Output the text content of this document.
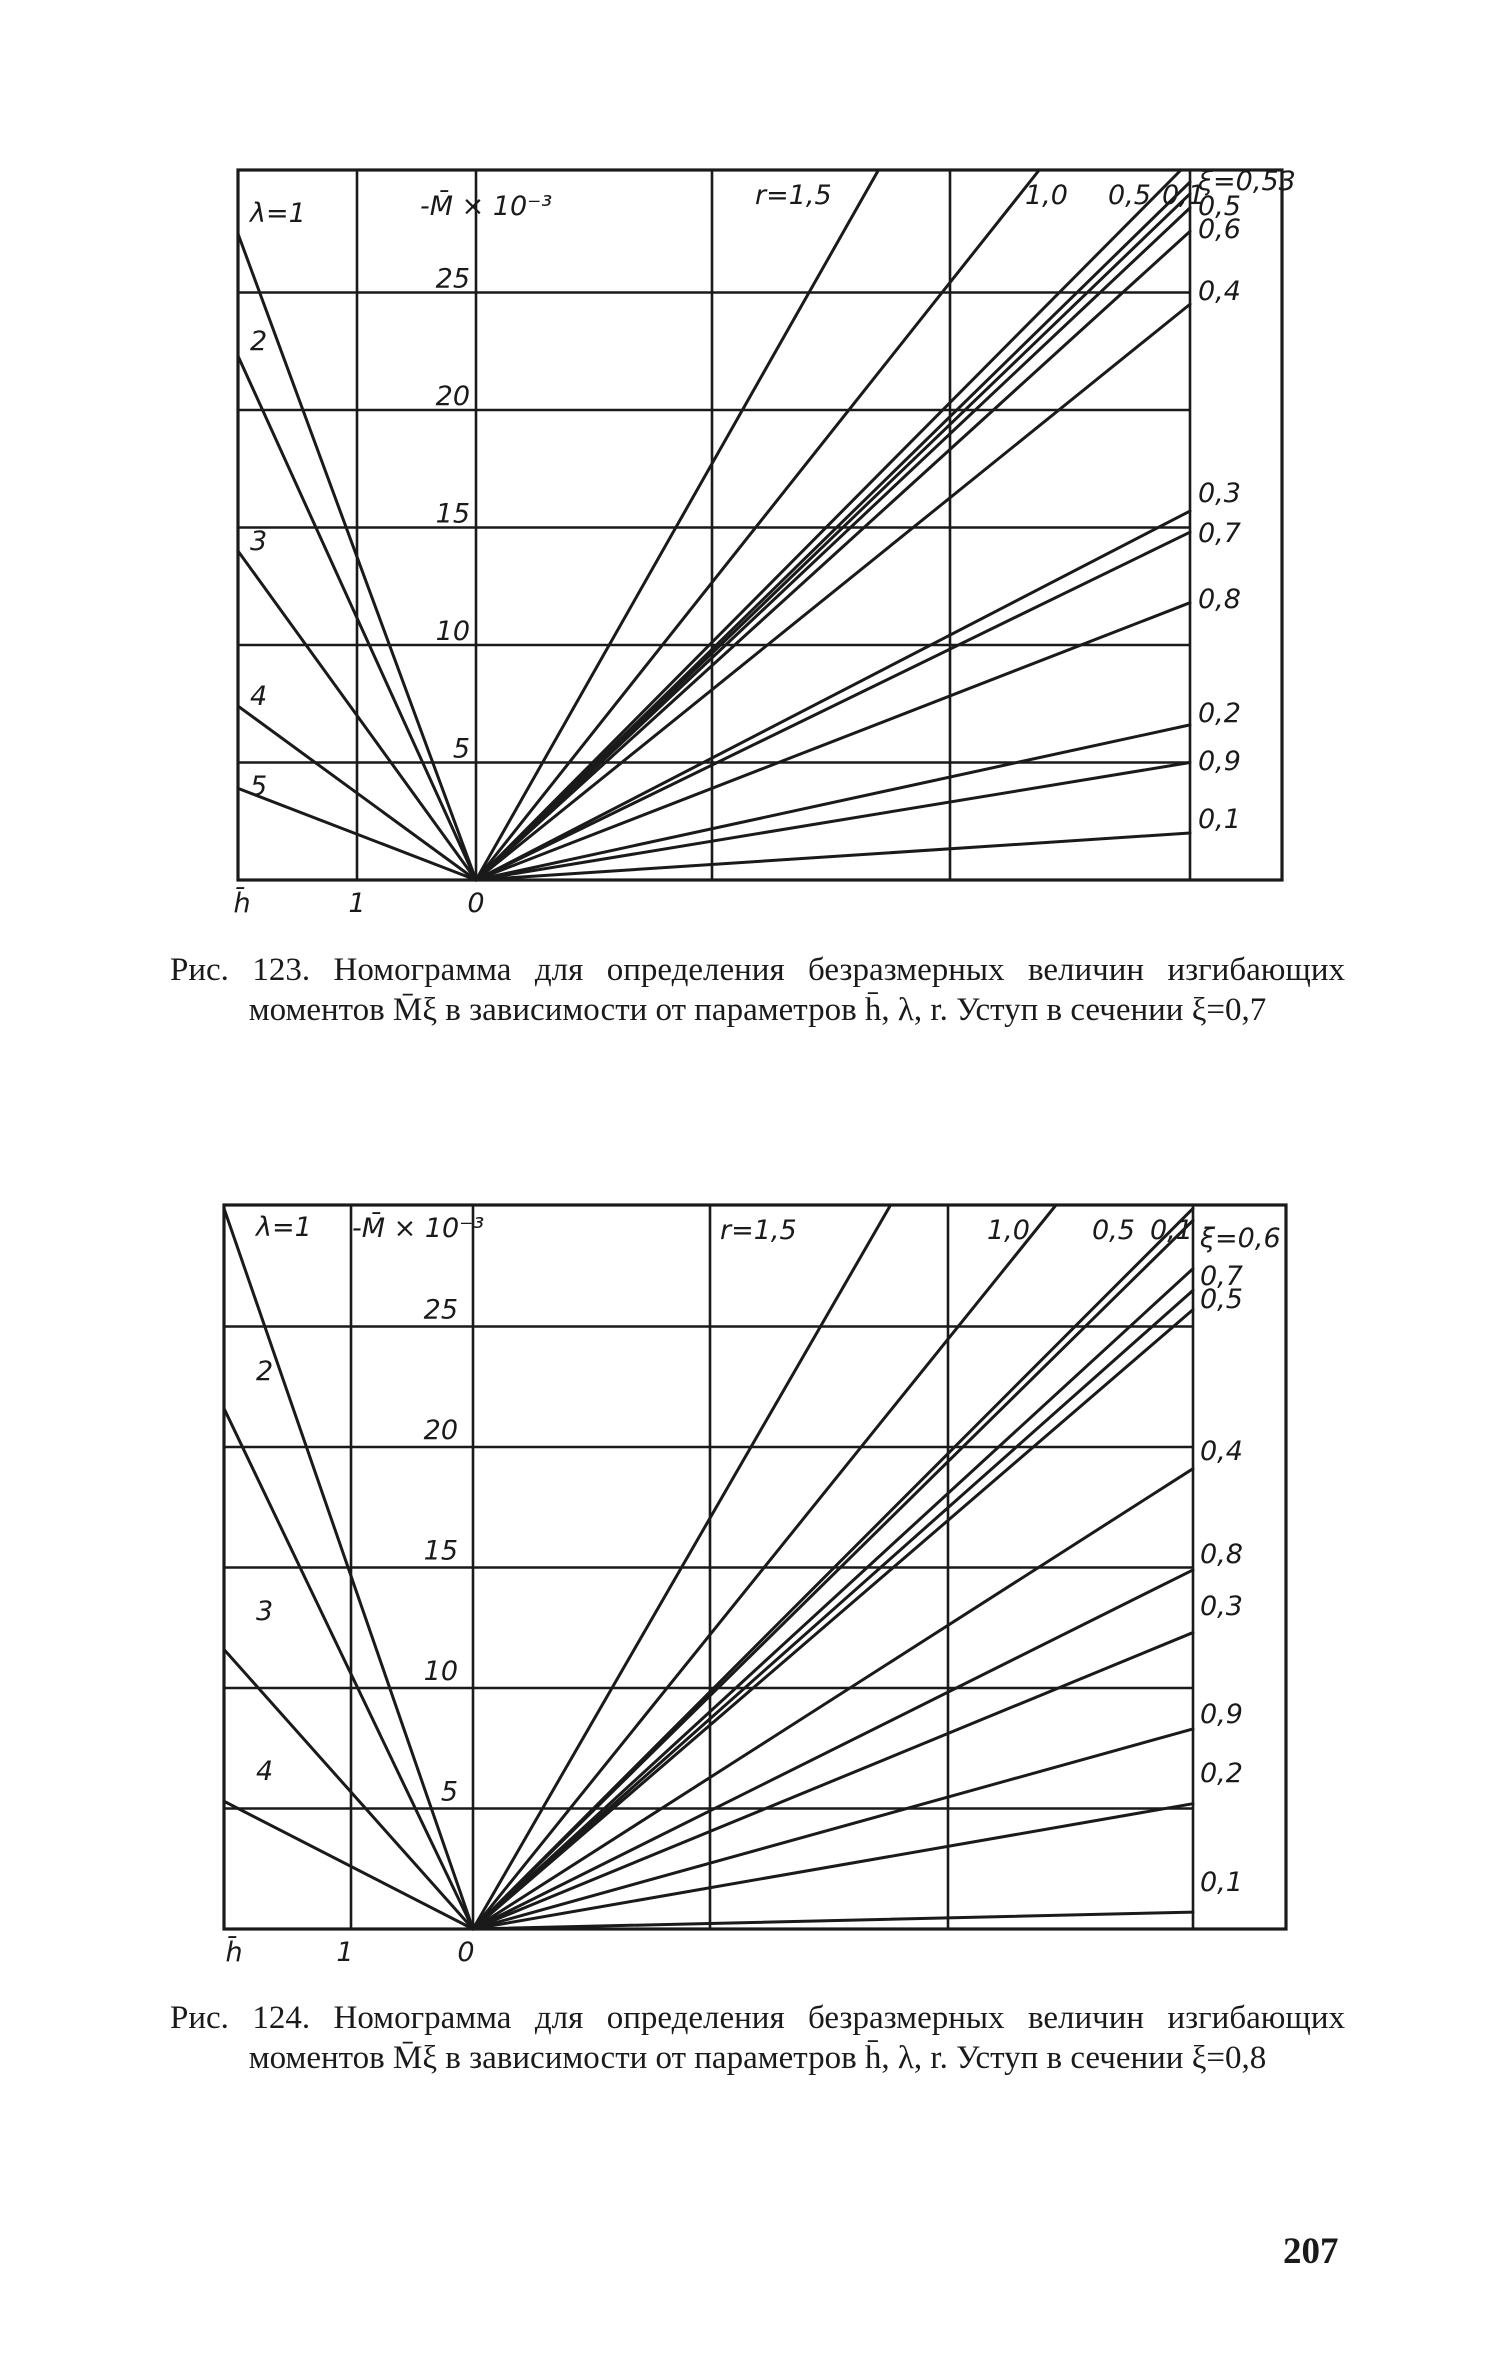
5
10
15
20
25
-M̄ × 10⁻³
h̄	1	0
λ=1
2
3
4
5
r=1,5	1,0 0,5 0,1
ξ=0,53
0,5
0,6
0,4
0,3
0,7
0,8
0,2
0,9
0,1
Рис. 123. Номограмма для определения безразмерных величин изгибающих моментов M̄ξ в зависимости от параметров h̄, λ, r. Уступ в сечении ξ=0,7
5
10
15
20
25
-M̄ × 10⁻³
h̄	1	0
λ=1
2
3
4
r=1,5	1,0 0,5 0,1 ξ=0,6
0,7
0,5
0,4
0,8
0,3
0,9
0,2
0,1
Рис. 124. Номограмма для определения безразмерных величин изгибающих моментов M̄ξ в зависимости от параметров h̄, λ, r. Уступ в сечении ξ=0,8
207
